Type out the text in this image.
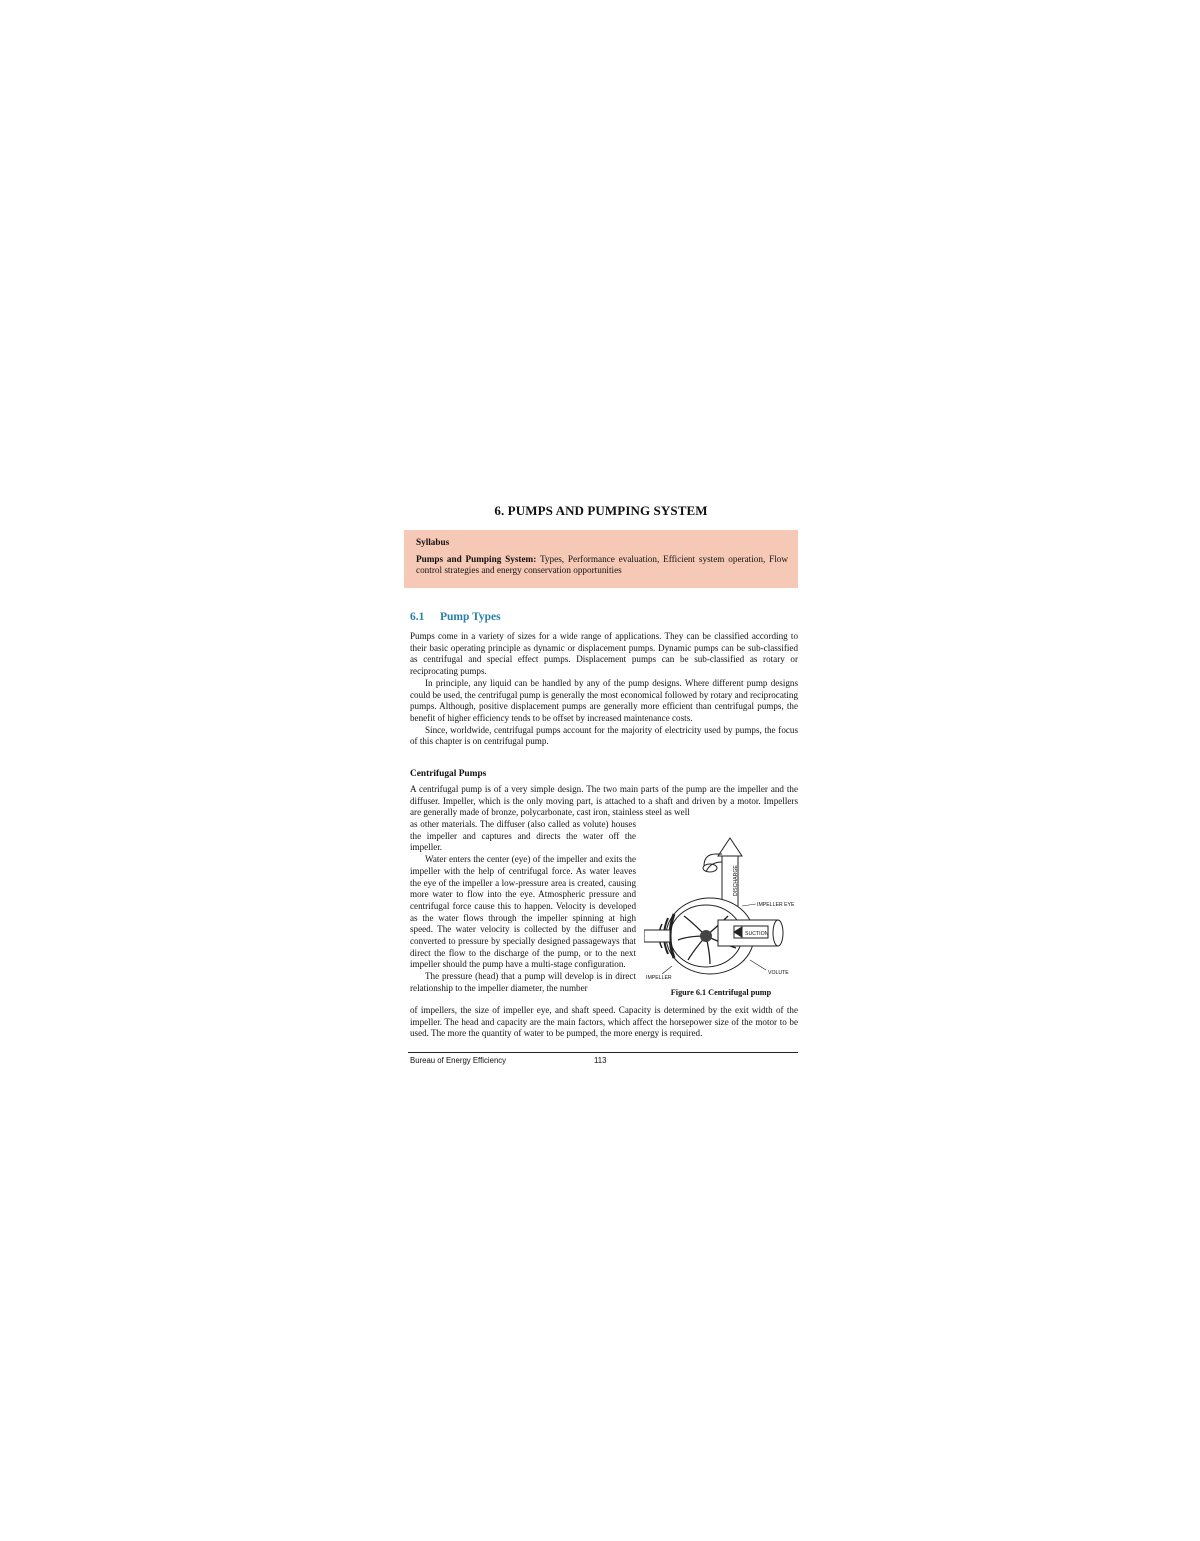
6. PUMPS AND PUMPING SYSTEM

Syllabus

Pumps and Pumping System: Types, Performance evaluation, Efficient system operation, Flow control strategies and energy conservation opportunities

6.1 Pump Types

Pumps come in a variety of sizes for a wide range of applications. They can be classified according to their basic operating principle as dynamic or displacement pumps. Dynamic pumps can be sub-classified as centrifugal and special effect pumps. Displacement pumps can be sub-classified as rotary or reciprocating pumps.

In principle, any liquid can be handled by any of the pump designs. Where different pump designs could be used, the centrifugal pump is generally the most economical followed by rotary and reciprocating pumps. Although, positive displacement pumps are generally more efficient than centrifugal pumps, the benefit of higher efficiency tends to be offset by increased maintenance costs.

Since, worldwide, centrifugal pumps account for the majority of electricity used by pumps, the focus of this chapter is on centrifugal pump.

Centrifugal Pumps

A centrifugal pump is of a very simple design. The two main parts of the pump are the impeller and the diffuser. Impeller, which is the only moving part, is attached to a shaft and driven by a motor. Impellers are generally made of bronze, polycarbonate, cast iron, stainless steel as well

as other materials. The diffuser (also called as volute) houses the impeller and captures and directs the water off the impeller.

Water enters the center (eye) of the impeller and exits the impeller with the help of centrifugal force. As water leaves the eye of the impeller a low-pressure area is created, causing more water to flow into the eye. Atmospheric pressure and centrifugal force cause this to happen. Velocity is developed as the water flows through the impeller spinning at high speed. The water velocity is collected by the diffuser and converted to pressure by specially designed passageways that direct the flow to the discharge of the pump, or to the next impeller should the pump have a multi-stage configuration.

The pressure (head) that a pump will develop is in direct relationship to the impeller diameter, the number

DISCHARGE
SUCTION
IMPELLER EYE
IMPELLER
VOLUTE

Figure 6.1 Centrifugal pump

of impellers, the size of impeller eye, and shaft speed. Capacity is determined by the exit width of the impeller. The head and capacity are the main factors, which affect the horsepower size of the motor to be used. The more the quantity of water to be pumped, the more energy is required.

Bureau of Energy Efficiency	113
